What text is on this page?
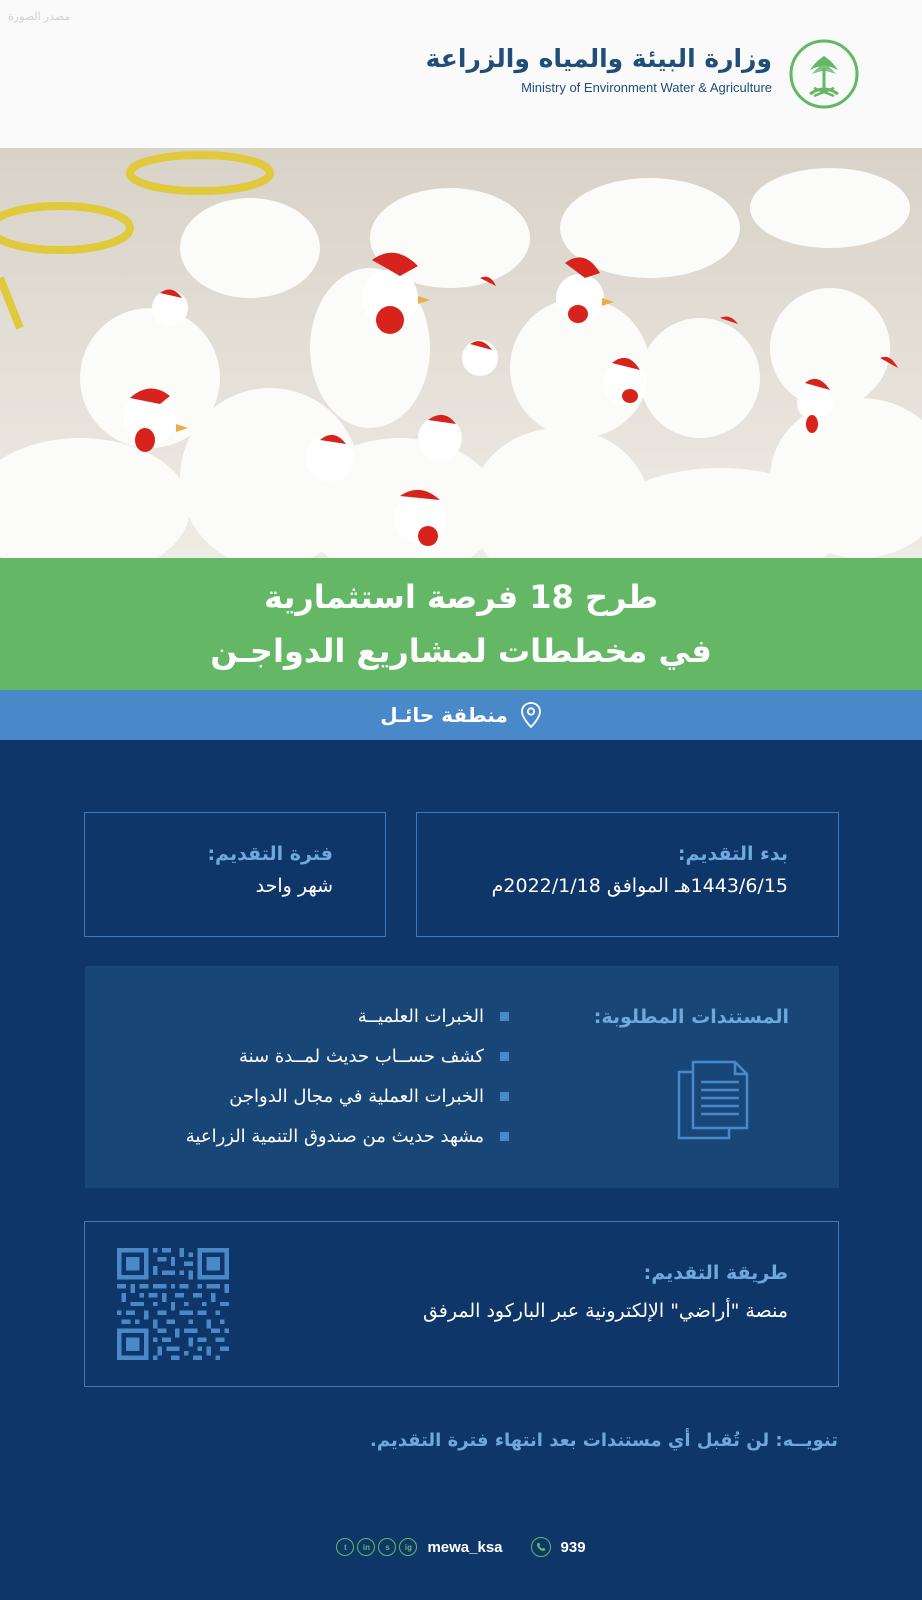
مصدر الصورة
وزارة البيئة والمياه والزراعة
Ministry of Environment Water & Agriculture
طرح 18 فرصة استثمارية
في مخططات لمشاريع الدواجـن
منطقة حائـل
بدء التقديم:
1443/6/15هـ الموافق 2022/1/18م
فترة التقديم:
شهر واحد
المستندات المطلوبة:
الخبرات العلميــة
كشف حســاب حديث لمــدة سنة
الخبرات العملية في مجال الدواجن
مشهد حديث من صندوق التنمية الزراعية
طريقة التقديم:
منصة "أراضي" الإلكترونية عبر الباركود المرفق
تنويــه: لن تُقبل أي مستندات بعد انتهاء فترة التقديم.
t	in	s	ig	mewa_ksa	939
